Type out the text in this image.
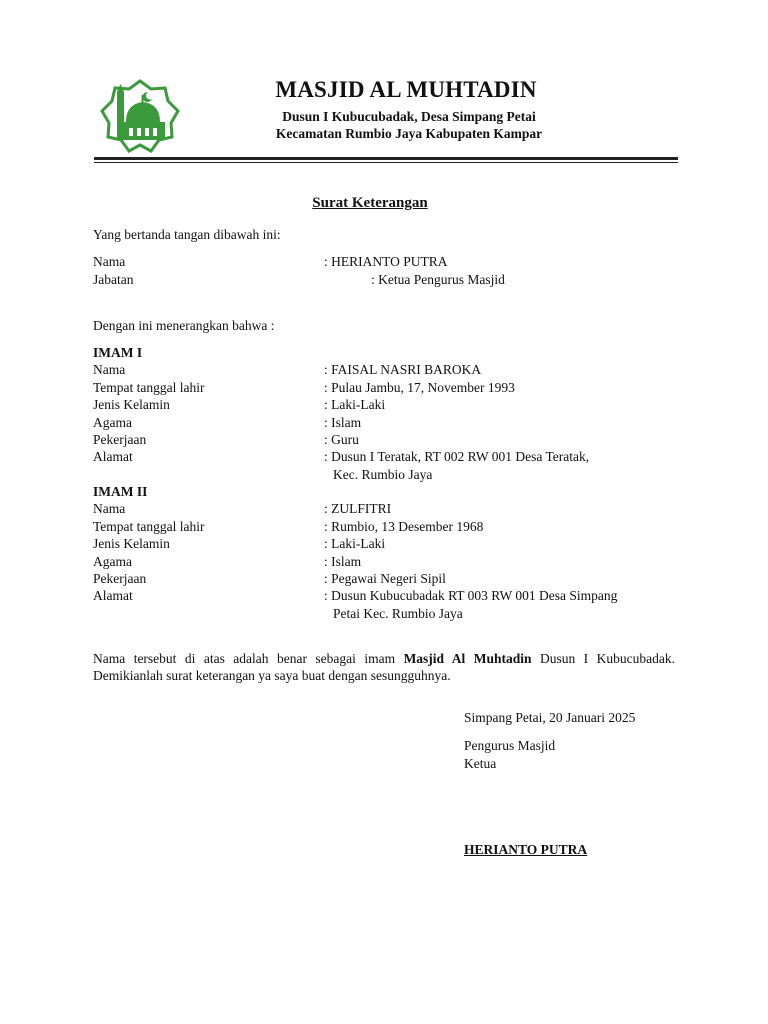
MASJID AL MUHTADIN
Dusun I Kubucubadak, Desa Simpang Petai
Kecamatan Rumbio Jaya Kabupaten Kampar
Surat Keterangan
Yang bertanda tangan dibawah ini:
Nama	: HERIANTO PUTRA
Jabatan	: Ketua Pengurus Masjid
Dengan ini menerangkan bahwa :
IMAM I
Nama	: FAISAL NASRI BAROKA
Tempat tanggal lahir	: Pulau Jambu, 17, November 1993
Jenis Kelamin	: Laki-Laki
Agama	: Islam
Pekerjaan	: Guru
Alamat	: Dusun I Teratak, RT 002 RW 001 Desa Teratak,
Kec. Rumbio Jaya
IMAM II
Nama	: ZULFITRI
Tempat tanggal lahir	: Rumbio, 13 Desember 1968
Jenis Kelamin	: Laki-Laki
Agama	: Islam
Pekerjaan	: Pegawai Negeri Sipil
Alamat	: Dusun Kubucubadak RT 003 RW 001 Desa Simpang
Petai Kec. Rumbio Jaya
Nama tersebut di atas adalah benar sebagai imam Masjid Al Muhtadin Dusun I Kubucubadak. Demikianlah surat keterangan ya saya buat dengan sesungguhnya.
Simpang Petai, 20 Januari 2025
Pengurus Masjid
Ketua
HERIANTO PUTRA
